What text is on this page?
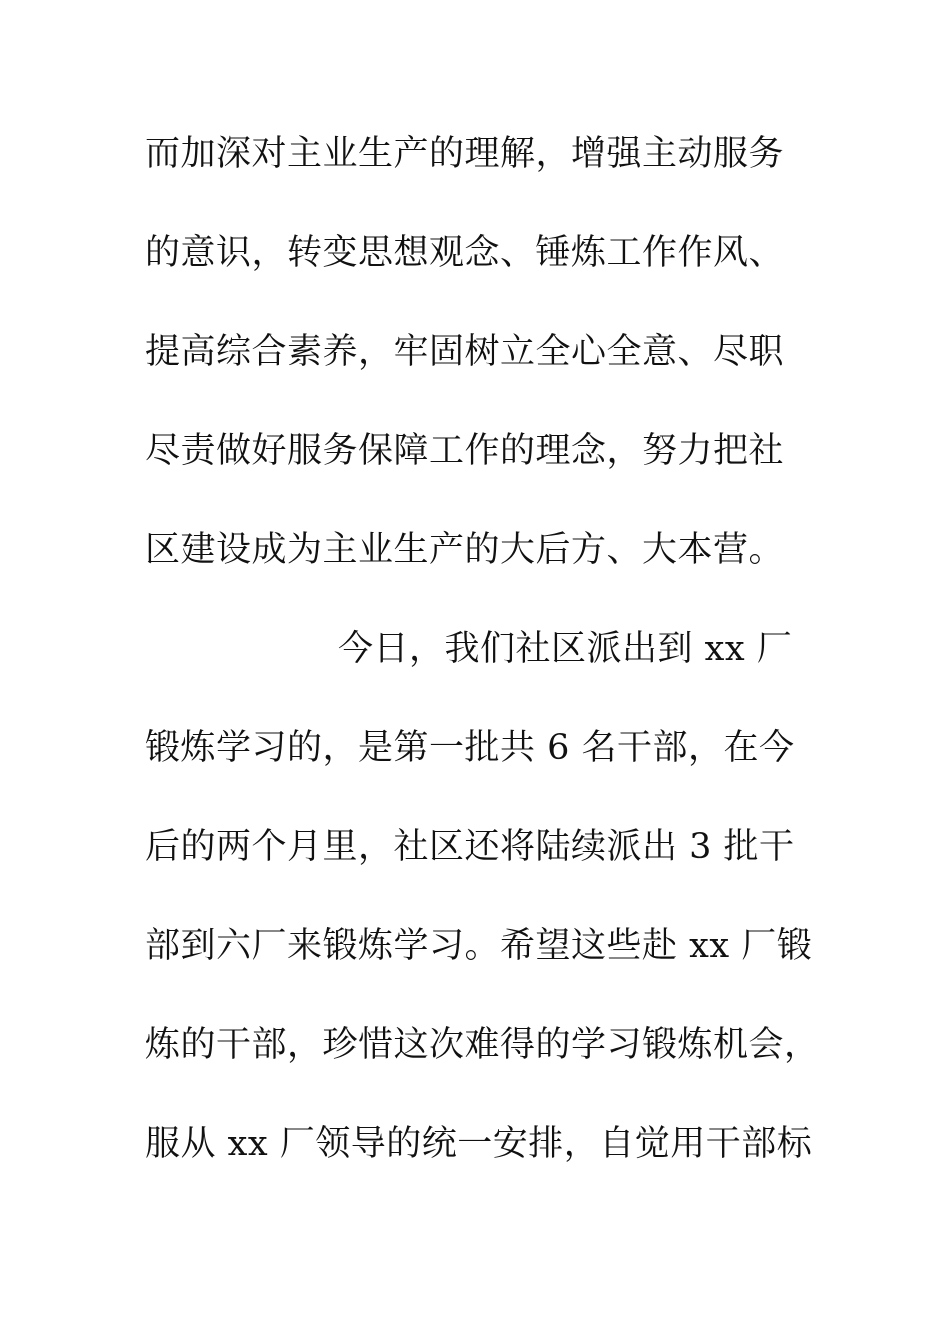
而加深对主业生产的理解，增强主动服务
的意识，转变思想观念、锤炼工作作风、
提高综合素养，牢固树立全心全意、尽职
尽责做好服务保障工作的理念，努力把社
区建设成为主业生产的大后方、大本营。
今日，我们社区派出到 xx 厂
锻炼学习的，是第一批共 6 名干部，在今
后的两个月里，社区还将陆续派出 3 批干
部到六厂来锻炼学习。希望这些赴 xx 厂锻
炼的干部，珍惜这次难得的学习锻炼机会，
服从 xx 厂领导的统一安排，自觉用干部标
